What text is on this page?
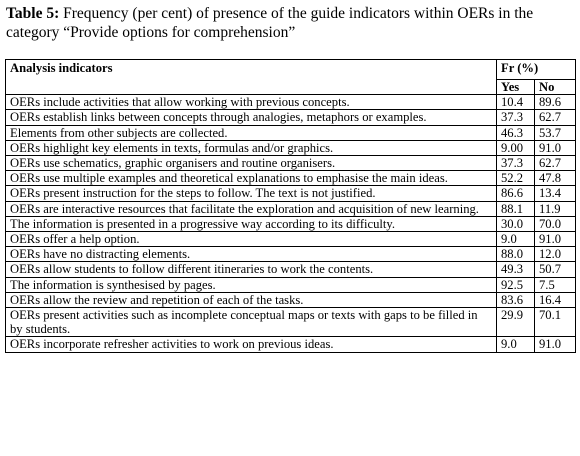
Table 5: Frequency (per cent) of presence of the guide indicators within OERs in the category “Provide options for comprehension”
Analysis indicators	Fr (%)	
	Yes	No
OERs include activities that allow working with previous concepts.	10.4	89.6
OERs establish links between concepts through analogies, metaphors or examples.	37.3	62.7
Elements from other subjects are collected.	46.3	53.7
OERs highlight key elements in texts, formulas and/or graphics.	9.00	91.0
OERs use schematics, graphic organisers and routine organisers.	37.3	62.7
OERs use multiple examples and theoretical explanations to emphasise the main ideas.	52.2	47.8
OERs present instruction for the steps to follow. The text is not justified.	86.6	13.4
OERs are interactive resources that facilitate the exploration and acquisition of new learning.	88.1	11.9
The information is presented in a progressive way according to its difficulty.	30.0	70.0
OERs offer a help option.	9.0	91.0
OERs have no distracting elements.	88.0	12.0
OERs allow students to follow different itineraries to work the contents.	49.3	50.7
The information is synthesised by pages.	92.5	7.5
OERs allow the review and repetition of each of the tasks.	83.6	16.4
OERs present activities such as incomplete conceptual maps or texts with gaps to be filled in by students.	29.9	70.1
OERs incorporate refresher activities to work on previous ideas.	9.0	91.0
